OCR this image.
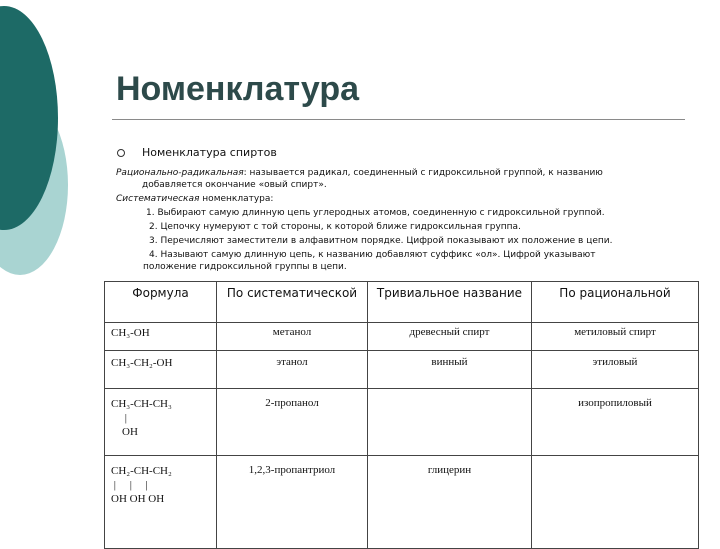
Номенклатура
Номенклатура спиртов
Рационально-радикальная: называется радикал, соединенный с гидроксильной группой, к названию
добавляется окончание «овый спирт».
Систематическая номенклатура:
1. Выбирают самую длинную цепь углеродных атомов, соединенную с гидроксильной группой.
2. Цепочку нумеруют с той стороны, к которой ближе гидроксильная группа.
3. Перечисляют заместители в алфавитном порядке. Цифрой показывают их положение в цепи.
4. Называют самую длинную цепь, к названию добавляют суффикс «ол». Цифрой указывают
положение гидроксильной группы в цепи.
Формула	По систематической	Тривиальное название	По рациональной

CH₃-OH	метанол	древесный спирт	метиловый спирт

CH₃-CH₂-OH	этанол	винный	этиловый

CH₃-CH-CH₃
|
OH	2-пропанол		изопропиловый

CH₂-CH-CH₂
|     |     |
OH OH OH	1,2,3-пропантриол	глицерин	
